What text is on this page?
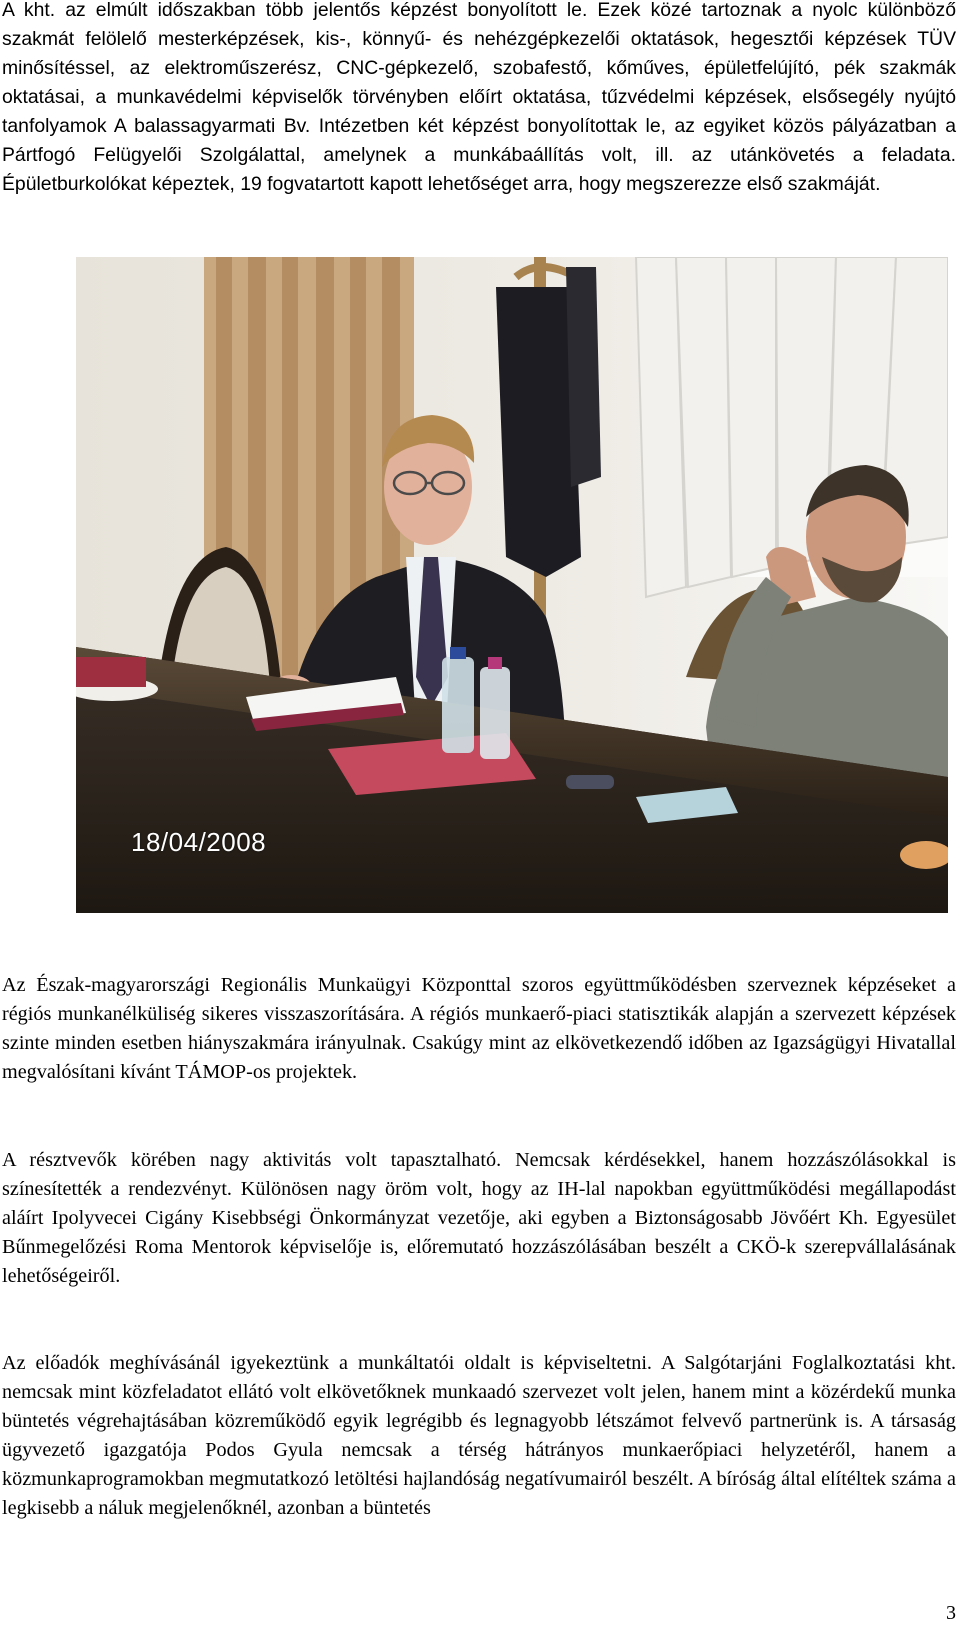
A kht. az elmúlt időszakban több jelentős képzést bonyolított le. Ezek közé tartoznak a nyolc különböző szakmát felölelő mesterképzések, kis-, könnyű- és nehézgépkezelői oktatások, hegesztői képzések TÜV minősítéssel, az elektroműszerész, CNC-gépkezelő, szobafestő, kőműves, épületfelújító, pék szakmák oktatásai, a munkavédelmi képviselők törvényben előírt oktatása, tűzvédelmi képzések, elsősegély nyújtó tanfolyamok A balassagyarmati Bv. Intézetben két képzést bonyolítottak le, az egyiket közös pályázatban a Pártfogó Felügyelői Szolgálattal, amelynek a munkábaállítás volt, ill. az utánkövetés a feladata. Épületburkolókat képeztek, 19 fogvatartott kapott lehetőséget arra, hogy megszerezze első szakmáját.

18/04/2008

Az Észak-magyarországi Regionális Munkaügyi Központtal szoros együttműködésben szerveznek képzéseket a régiós munkanélküliség sikeres visszaszorítására. A régiós munkaerő-piaci statisztikák alapján a szervezett képzések szinte minden esetben hiányszakmára irányulnak. Csakúgy mint az elkövetkezendő időben az Igazságügyi Hivatallal megvalósítani kívánt TÁMOP-os projektek.

A résztvevők körében nagy aktivitás volt tapasztalható. Nemcsak kérdésekkel, hanem hozzászólásokkal is színesítették a rendezvényt. Különösen nagy öröm volt, hogy az IH-lal napokban együttműködési megállapodást aláírt Ipolyvecei Cigány Kisebbségi Önkormányzat vezetője, aki egyben a Biztonságosabb Jövőért Kh. Egyesület Bűnmegelőzési Roma Mentorok képviselője is, előremutató hozzászólásában beszélt a CKÖ-k szerepvállalásának lehetőségeiről.

Az előadók meghívásánál igyekeztünk a munkáltatói oldalt is képviseltetni. A Salgótarjáni Foglalkoztatási kht. nemcsak mint közfeladatot ellátó volt elkövetőknek munkaadó szervezet volt jelen, hanem mint a közérdekű munka büntetés végrehajtásában közreműködő egyik legrégibb és legnagyobb létszámot felvevő partnerünk is. A társaság ügyvezető igazgatója Podos Gyula nemcsak a térség hátrányos munkaerőpiaci helyzetéről, hanem a közmunkaprogramokban megmutatkozó letöltési hajlandóság negatívumairól beszélt. A bíróság által elítéltek száma a legkisebb a náluk megjelenőknél, azonban a büntetés

3
